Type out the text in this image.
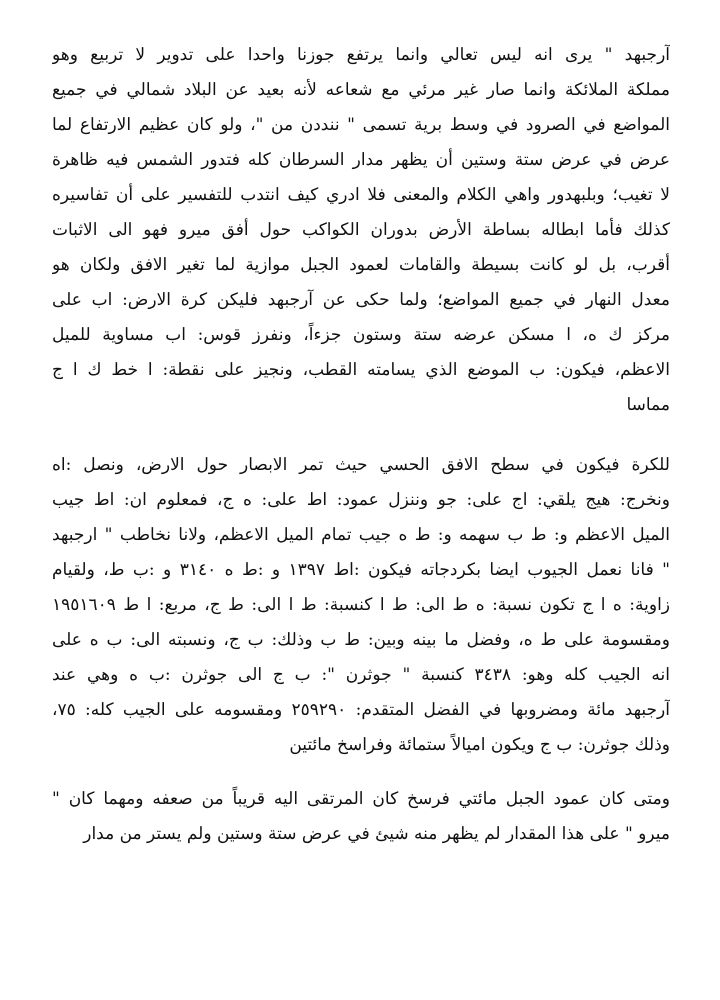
آرجبهد " يرى انه ليس تعالي وانما يرتفع جوزنا واحدا على تدوير لا تربيع وهو
مملكة الملائكة وانما صار غير مرئي مع شعاعه لأنه بعيد عن البلاد شمالي في جميع
المواضع في الصرود في وسط برية تسمى " ننددن من "، ولو كان عظيم الارتفاع لما
عرض في عرض ستة وستين أن يظهر مدار السرطان كله فتدور الشمس فيه ظاهرة
لا تغيب؛ وبلبهدور واهي الكلام والمعنى فلا ادري كيف انتدب للتفسير على أن تفاسيره
كذلك فأما ابطاله بساطة الأرض بدوران الكواكب حول أفق ميرو فهو الى الاثبات
أقرب، بل لو كانت بسيطة والقامات لعمود الجبل موازية لما تغير الافق ولكان هو
معدل النهار في جميع المواضع؛ ولما حكى عن آرجبهد فليكن كرة الارض: اب على
مركز ك ه، ا مسكن عرضه ستة وستون جزءاً، ونفرز قوس: اب مساوية للميل
الاعظم، فيكون: ب الموضع الذي يسامته القطب، ونجيز على نقطة: ا خط ك ا ج
مماسا
للكرة فيكون في سطح الافق الحسي حيث تمر الابصار حول الارض، ونصل :اه
ونخرج: هيج يلقي: اج على: جو وننزل عمود: اط على: ه ج، فمعلوم ان: اط جيب
الميل الاعظم و: ط ب سهمه و: ط ه جيب تمام الميل الاعظم، ولانا نخاطب " ارجبهد
" فانا نعمل الجيوب ايضا بكردجاته فيكون :اط ١٣٩٧ و :ط ه ٣١٤٠ و :ب ط، ولقيام
زاوية: ه ا ج تكون نسبة: ه ط الى: ط ا كنسبة: ط ا الى: ط ج، مربع: ا ط ١٩٥١٦٠٩
ومقسومة على ط ه، وفضل ما بينه وبين: ط ب وذلك: ب ج، ونسبته الى: ب ه على
انه الجيب كله وهو: ٣٤٣٨ كنسبة " جوثرن ": ب ج الى جوثرن :ب ه وهي عند
آرجبهد مائة ومضروبها في الفضل المتقدم: ٢٥٩٢٩٠ ومقسومه على الجيب كله: ٧٥،
وذلك جوثرن: ب ج ويكون اميالاً ستمائة وفراسخ مائتين
ومتى كان عمود الجبل مائتي فرسخ كان المرتقى اليه قريباً من صعفه ومهما كان "
ميرو " على هذا المقدار لم يظهر منه شيئ في عرض ستة وستين ولم يستر من مدار
